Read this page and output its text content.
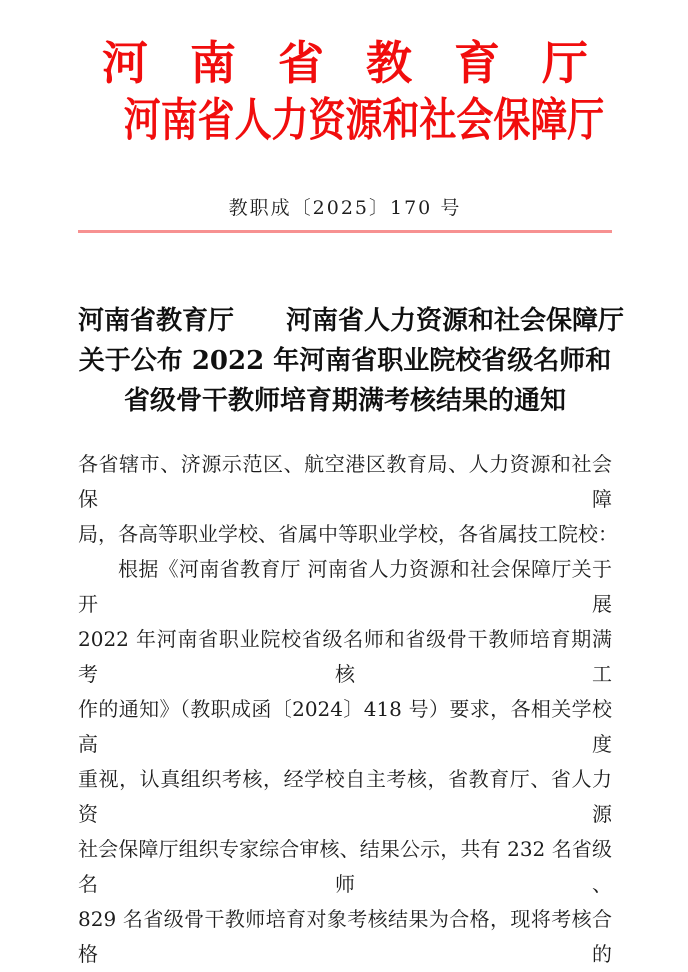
河南省教育厅
河南省人力资源和社会保障厅
教职成〔2025〕170 号
河南省教育厅　　河南省人力资源和社会保障厅
关于公布 2022 年河南省职业院校省级名师和
省级骨干教师培育期满考核结果的通知
各省辖市、济源示范区、航空港区教育局、人力资源和社会保障
局，各高等职业学校、省属中等职业学校，各省属技工院校：
根据《河南省教育厅 河南省人力资源和社会保障厅关于开展
2022 年河南省职业院校省级名师和省级骨干教师培育期满考核工
作的通知》（教职成函〔2024〕418 号）要求，各相关学校高度
重视，认真组织考核，经学校自主考核，省教育厅、省人力资源
社会保障厅组织专家综合审核、结果公示，共有 232 名省级名师、
829 名省级骨干教师培育对象考核结果为合格，现将考核合格的
